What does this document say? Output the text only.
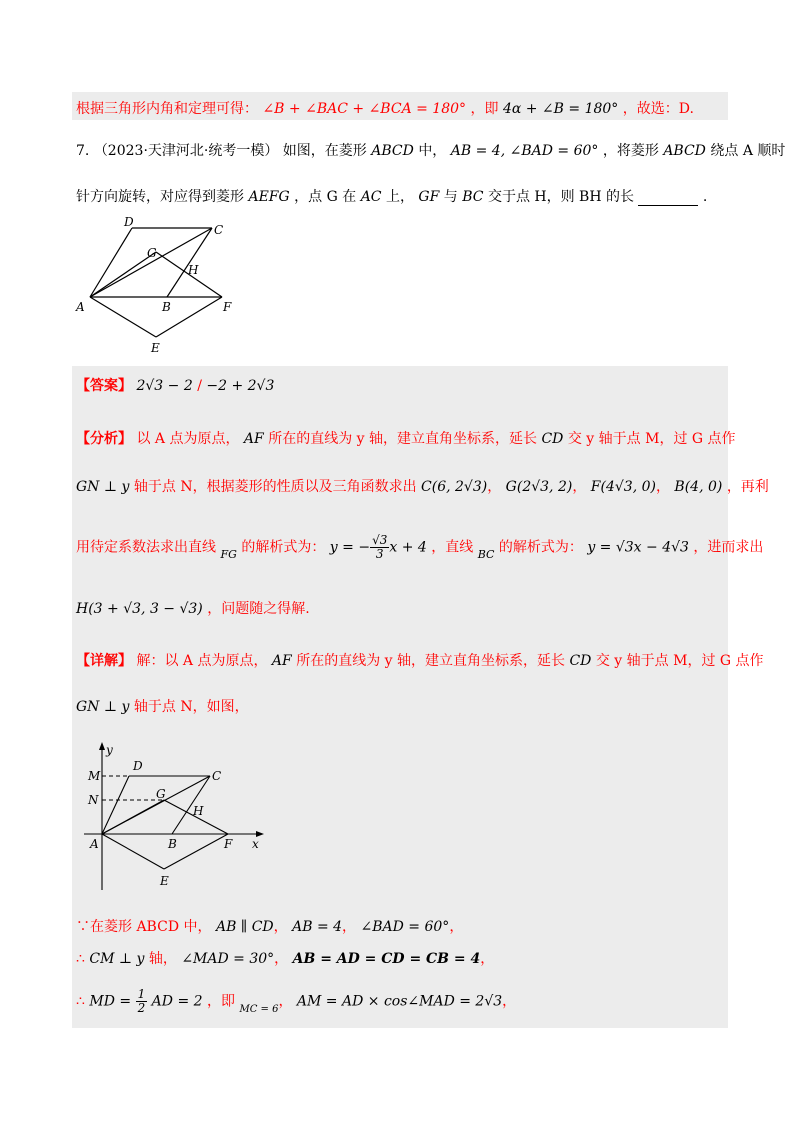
根据三角形内角和定理可得： ∠B + ∠BAC + ∠BCA = 180° ，即 4α + ∠B = 180° ，故选：D.
7. （2023·天津河北·统考一模） 如图，在菱形 ABCD 中， AB = 4, ∠BAD = 60° ，将菱形 ABCD 绕点 A 顺时
针方向旋转，对应得到菱形 AEFG ，点 G 在 AC 上， GF 与 BC 交于点 H，则 BH 的长	.
D
C
G
H
A	B	F
E
【答案】 2√3 − 2 / −2 + 2√3
【分析】 以 A 点为原点， AF 所在的直线为 y 轴，建立直角坐标系，延长 CD 交 y 轴于点 M，过 G 点作
GN ⊥ y 轴于点 N，根据菱形的性质以及三角函数求出 C(6, 2√3)， G(2√3, 2)， F(4√3, 0)， B(4, 0) ，再利
用待定系数法求出直线 $_{FG}$ 的解析式为： y = − $\frac{√3}{3}$ x + 4 ，直线 $_{BC}$ 的解析式为： y = √3x − 4√3 ，进而求出
H(3 + √3, 3 − √3) ，问题随之得解.
【详解】 解：以 A 点为原点， AF 所在的直线为 y 轴，建立直角坐标系，延长 CD 交 y 轴于点 M，过 G 点作
GN ⊥ y 轴于点 N，如图，
y
M
D
C
N	G
H
A	B	F x
E
∵在菱形 ABCD 中， AB ∥ CD， AB = 4， ∠BAD = 60°，
∴ CM ⊥ y 轴， ∠MAD = 30°， AB = AD = CD = CB = 4，
∴ MD = $\frac{1}{2}$ AD = 2 ，即 $_{MC = 6}$， AM = AD × cos∠MAD = 2√3，
